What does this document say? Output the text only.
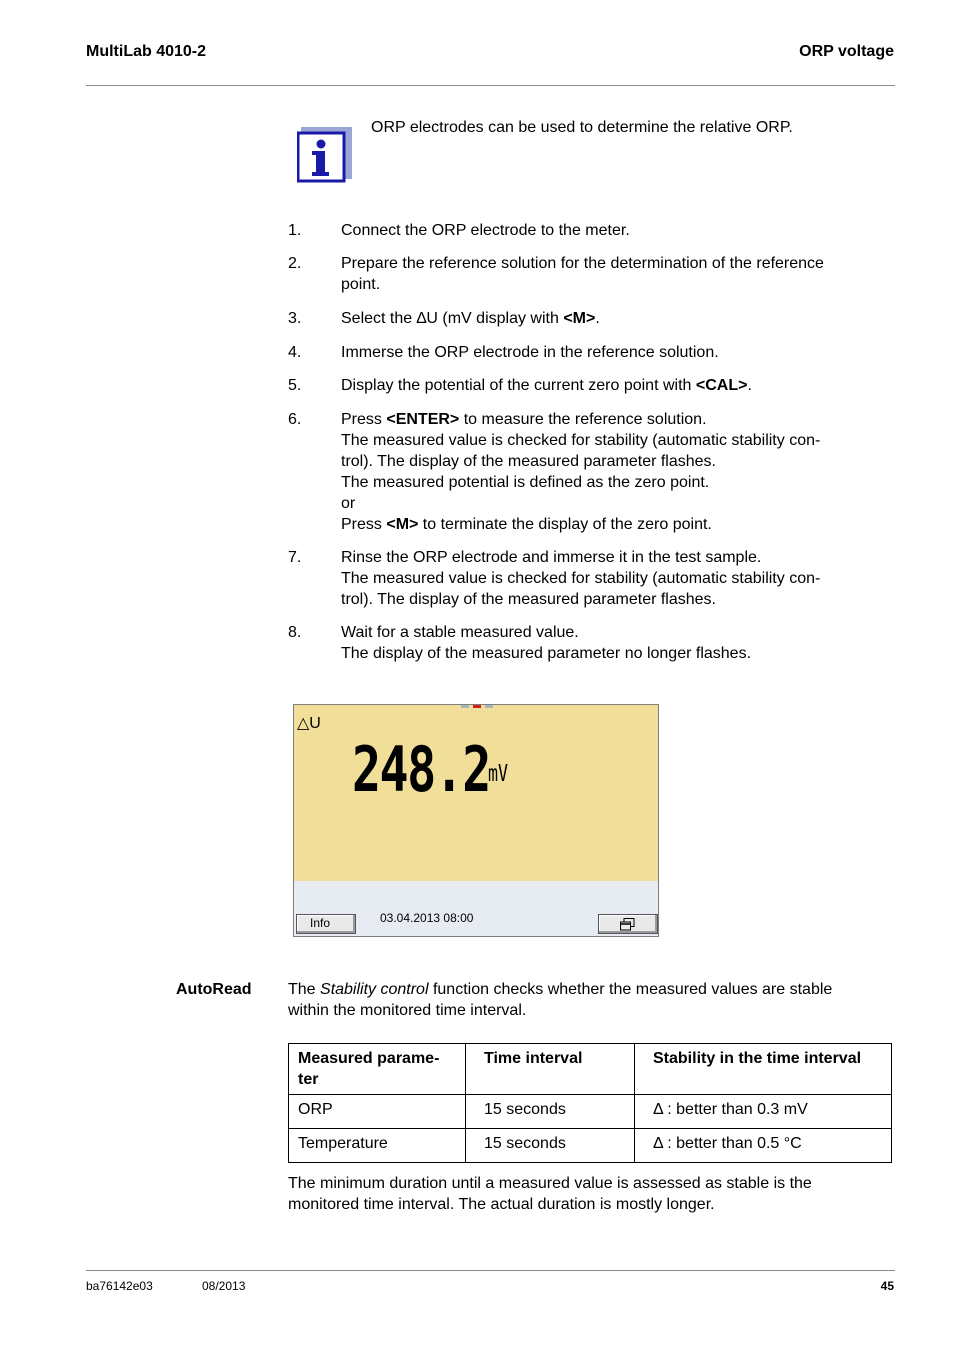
MultiLab 4010-2	ORP voltage
ORP electrodes can be used to determine the relative ORP.
1.	Connect the ORP electrode to the meter.
2.	Prepare the reference solution for the determination of the reference
point.
3.	Select the ∆U (mV display with <M>.
4.	Immerse the ORP electrode in the reference solution.
5.	Display the potential of the current zero point with <CAL>.
6.	Press <ENTER> to measure the reference solution.
The measured value is checked for stability (automatic stability con-
trol). The display of the measured parameter flashes.
The measured potential is defined as the zero point.
or
Press <M> to terminate the display of the zero point.
7.	Rinse the ORP electrode and immerse it in the test sample.
The measured value is checked for stability (automatic stability con-
trol). The display of the measured parameter flashes.
8.	Wait for a stable measured value.
The display of the measured parameter no longer flashes.
△U
248.2
mV
03.04.2013 08:00
Info
AutoRead The Stability control function checks whether the measured values are stable
within the monitored time interval.
Measured parame-
ter	Time interval	Stability in the time interval
ORP	15 seconds	Δ : better than 0.3 mV
Temperature	15 seconds	Δ : better than 0.5 °C
The minimum duration until a measured value is assessed as stable is the
monitored time interval. The actual duration is mostly longer.
ba76142e03	08/2013	45
